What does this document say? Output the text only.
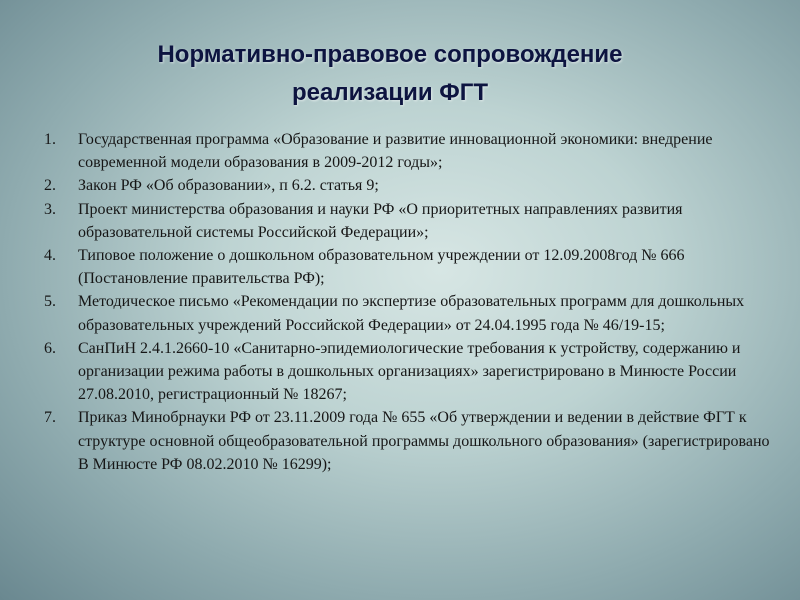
Нормативно-правовое сопровождение
реализации ФГТ
1.	Государственная программа «Образование и развитие инновационной экономики: внедрение современной модели образования в 2009-2012 годы»;
2.	Закон РФ «Об образовании», п 6.2. статья 9;
3.	Проект министерства образования и науки РФ «О приоритетных направлениях развития образовательной системы Российской Федерации»;
4.	Типовое положение о дошкольном образовательном учреждении от 12.09.2008год № 666 (Постановление правительства РФ);
5.	Методическое письмо «Рекомендации по экспертизе образовательных программ для дошкольных образовательных учреждений Российской Федерации» от 24.04.1995 года № 46/19-15;
6.	СанПиН 2.4.1.2660-10 «Санитарно-эпидемиологические требования к устройству, содержанию и организации режима работы в дошкольных организациях» зарегистрировано в Минюсте России 27.08.2010, регистрационный № 18267;
7.	Приказ Минобрнауки РФ от 23.11.2009 года № 655 «Об утверждении и ведении в действие ФГТ к структуре основной общеобразовательной программы дошкольного образования» (зарегистрировано В Минюсте РФ 08.02.2010 № 16299);
